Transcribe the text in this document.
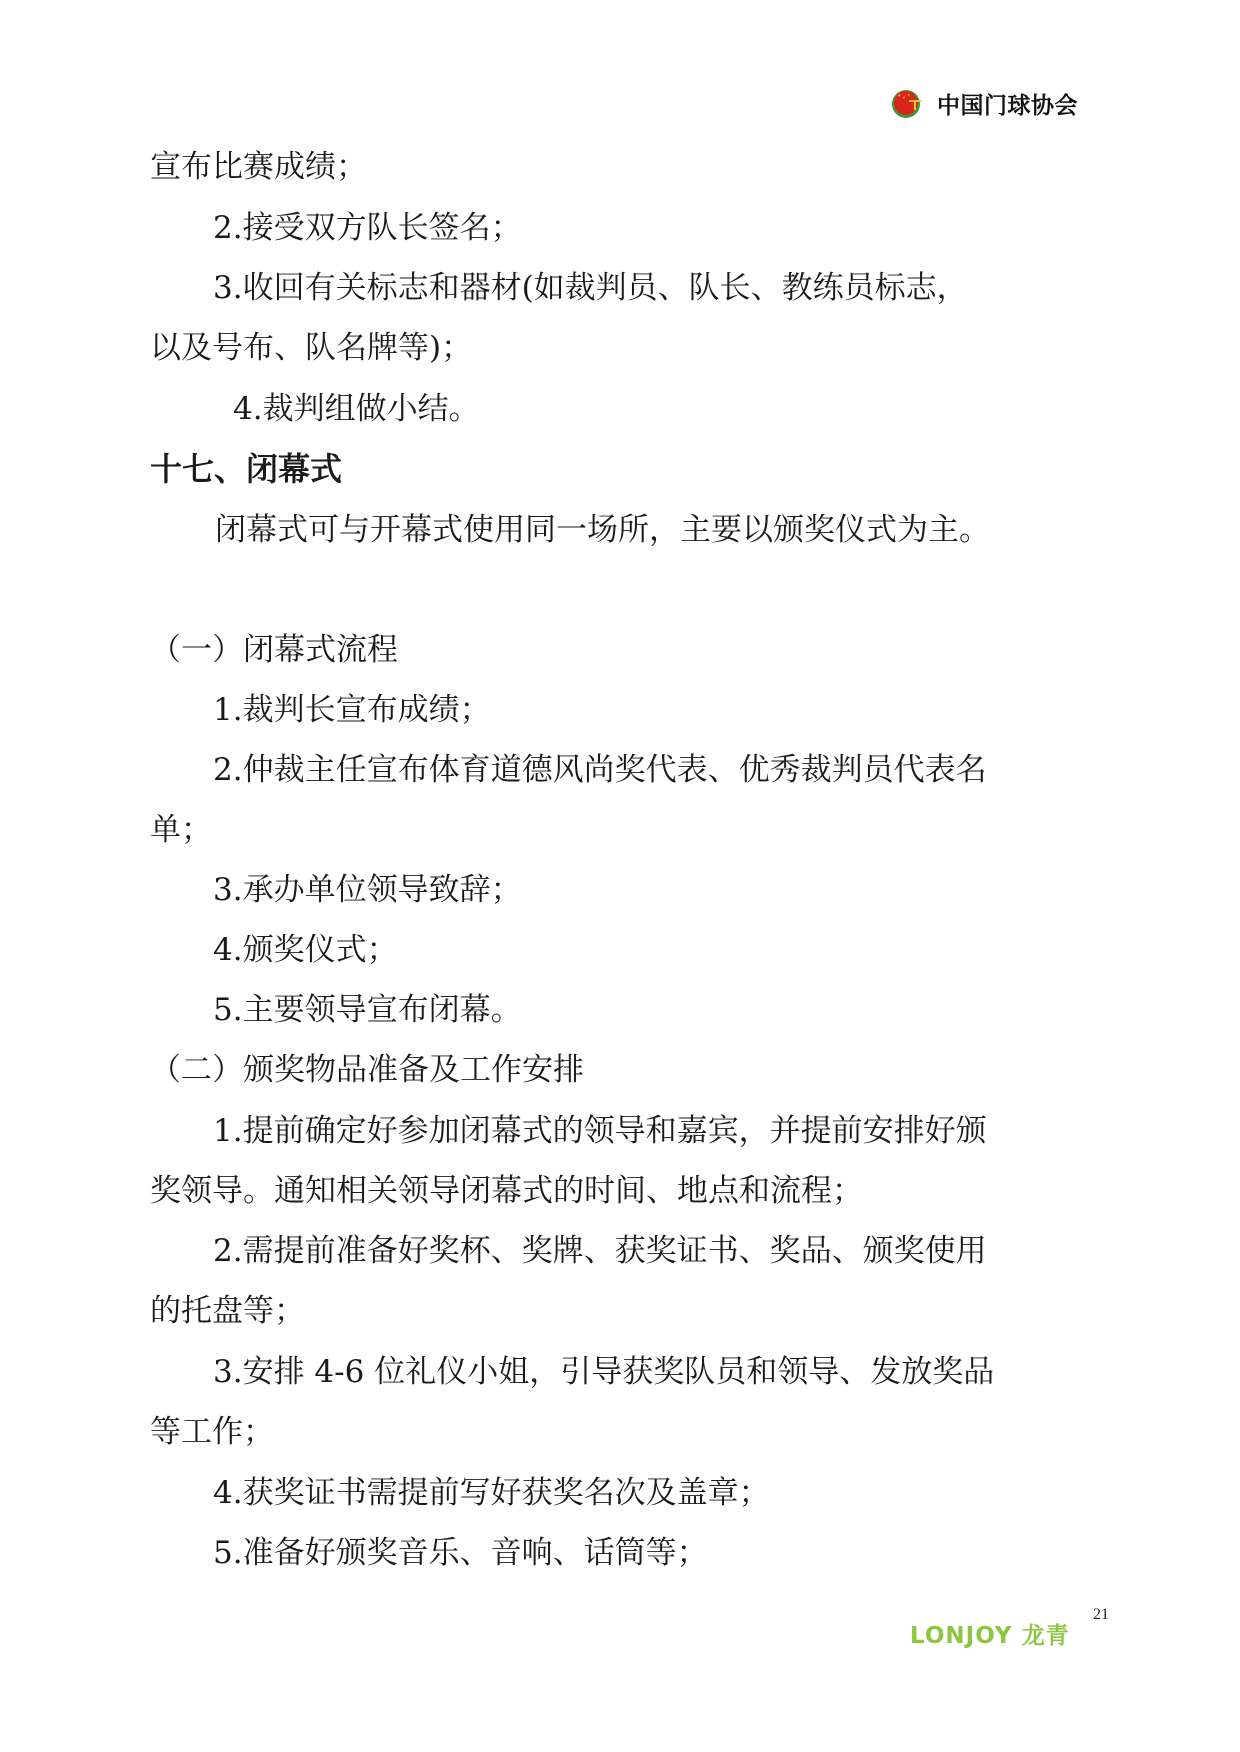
中国门球协会
宣布比赛成绩；
2.接受双方队长签名；
3.收回有关标志和器材(如裁判员、队长、教练员标志，
以及号布、队名牌等)；
4.裁判组做小结。
十七、闭幕式
闭幕式可与开幕式使用同一场所，主要以颁奖仪式为主。
（一）闭幕式流程
1.裁判长宣布成绩；
2.仲裁主任宣布体育道德风尚奖代表、优秀裁判员代表名
单；
3.承办单位领导致辞；
4.颁奖仪式；
5.主要领导宣布闭幕。
（二）颁奖物品准备及工作安排
1.提前确定好参加闭幕式的领导和嘉宾，并提前安排好颁
奖领导。通知相关领导闭幕式的时间、地点和流程；
2.需提前准备好奖杯、奖牌、获奖证书、奖品、颁奖使用
的托盘等；
3.安排 4-6 位礼仪小姐，引导获奖队员和领导、发放奖品
等工作；
4.获奖证书需提前写好获奖名次及盖章；
5.准备好颁奖音乐、音响、话筒等；
LONJOY 龙青
21
